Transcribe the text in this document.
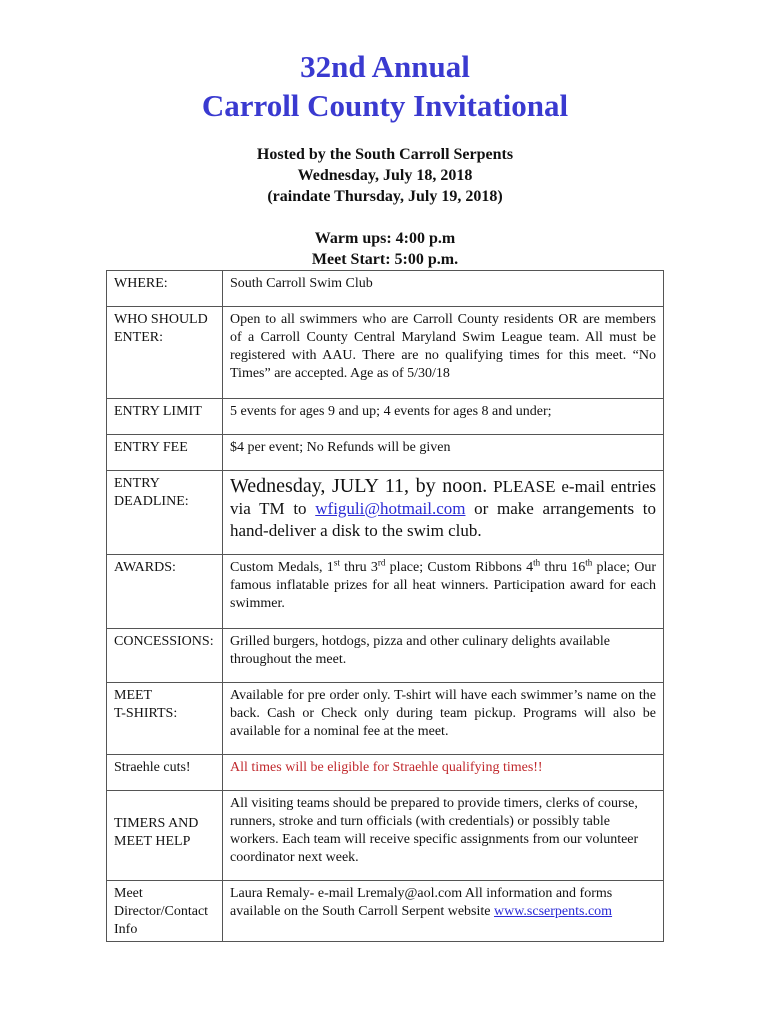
32nd Annual
Carroll County Invitational
Hosted by the South Carroll Serpents
Wednesday, July 18, 2018
(raindate Thursday, July 19, 2018)
Warm ups: 4:00 p.m
Meet Start: 5:00 p.m.
WHERE:	South Carroll Swim Club
WHO SHOULD ENTER:	Open to all swimmers who are Carroll County residents OR are members of a Carroll County Central Maryland Swim League team. All must be registered with AAU. There are no qualifying times for this meet. “No Times” are accepted. Age as of 5/30/18
ENTRY LIMIT	5 events for ages 9 and up; 4 events for ages 8 and under;
ENTRY FEE	$4 per event; No Refunds will be given
ENTRY
DEADLINE:	Wednesday, JULY 11, by noon. PLEASE e-mail entries via TM to wfiguli@hotmail.com or make arrangements to hand-deliver a disk to the swim club.
AWARDS:	Custom Medals, 1st thru 3rd place; Custom Ribbons 4th thru 16th place; Our famous inflatable prizes for all heat winners. Participation award for each swimmer.
CONCESSIONS:	Grilled burgers, hotdogs, pizza and other culinary delights available throughout the meet.
MEET
T-SHIRTS:	Available for pre order only. T-shirt will have each swimmer’s name on the back. Cash or Check only during team pickup. Programs will also be available for a nominal fee at the meet.
Straehle cuts!	All times will be eligible for Straehle qualifying times!!
TIMERS AND
MEET HELP	All visiting teams should be prepared to provide timers, clerks of course, runners, stroke and turn officials (with credentials) or possibly table workers. Each team will receive specific assignments from our volunteer coordinator next week.
Meet
Director/Contact
Info	Laura Remaly- e-mail Lremaly@aol.com All information and forms available on the South Carroll Serpent website www.scserpents.com
